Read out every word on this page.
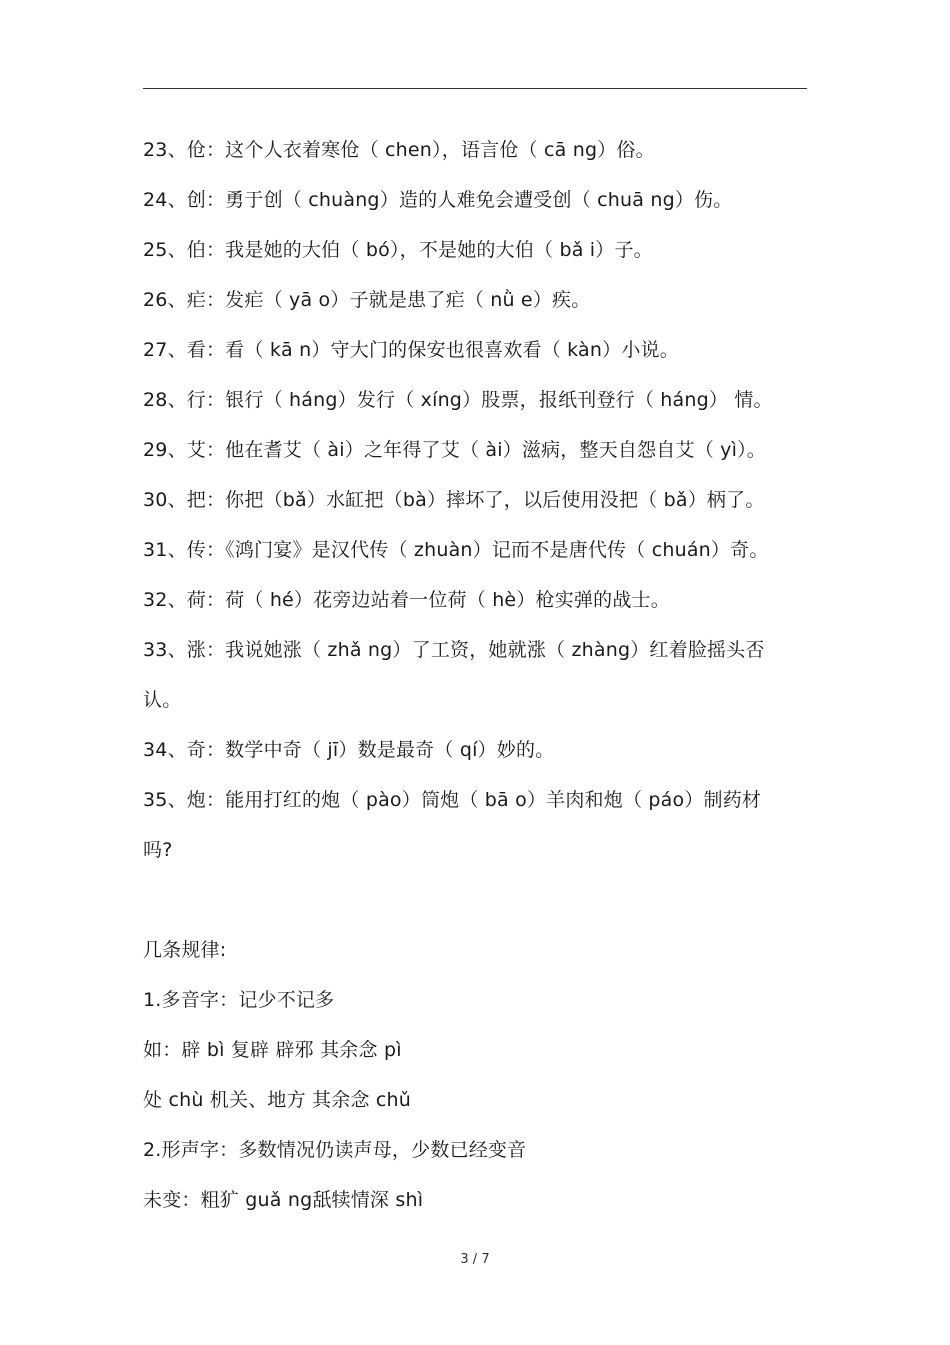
23、伧：这个人衣着寒伧（ chen），语言伧（ cā ng）俗。
24、创：勇于创（ chuàng）造的人难免会遭受创（ chuā ng）伤。
25、伯：我是她的大伯（ bó），不是她的大伯（ bǎ i）子。
26、疟：发疟（ yā o）子就是患了疟（ nǜ e）疾。
27、看：看（ kā n）守大门的保安也很喜欢看（ kàn）小说。
28、行：银行（ háng）发行（ xíng）股票，报纸刊登行（ háng） 情。
29、艾：他在耆艾（ ài）之年得了艾（ ài）滋病，整天自怨自艾（ yì）。
30、把：你把（bǎ）水缸把（bà）摔坏了，以后使用没把（ bǎ）柄了。
31、传：《鸿门宴》是汉代传（ zhuàn）记而不是唐代传（ chuán）奇。
32、荷：荷（ hé）花旁边站着一位荷（ hè）枪实弹的战士。
33、涨：我说她涨（ zhǎ ng）了工资，她就涨（ zhàng）红着脸摇头否
认。
34、奇：数学中奇（ jī）数是最奇（ qí）妙的。
35、炮：能用打红的炮（ pào）筒炮（ bā o）羊肉和炮（ páo）制药材
吗?
几条规律:
1.多音字：记少不记多
如：辟 bì 复辟 辟邪 其余念 pì
处 chù 机关、地方 其余念 chǔ
2.形声字：多数情况仍读声母，少数已经变音
未变：粗犷 guǎ ng舐犊情深 shì
3 / 7
